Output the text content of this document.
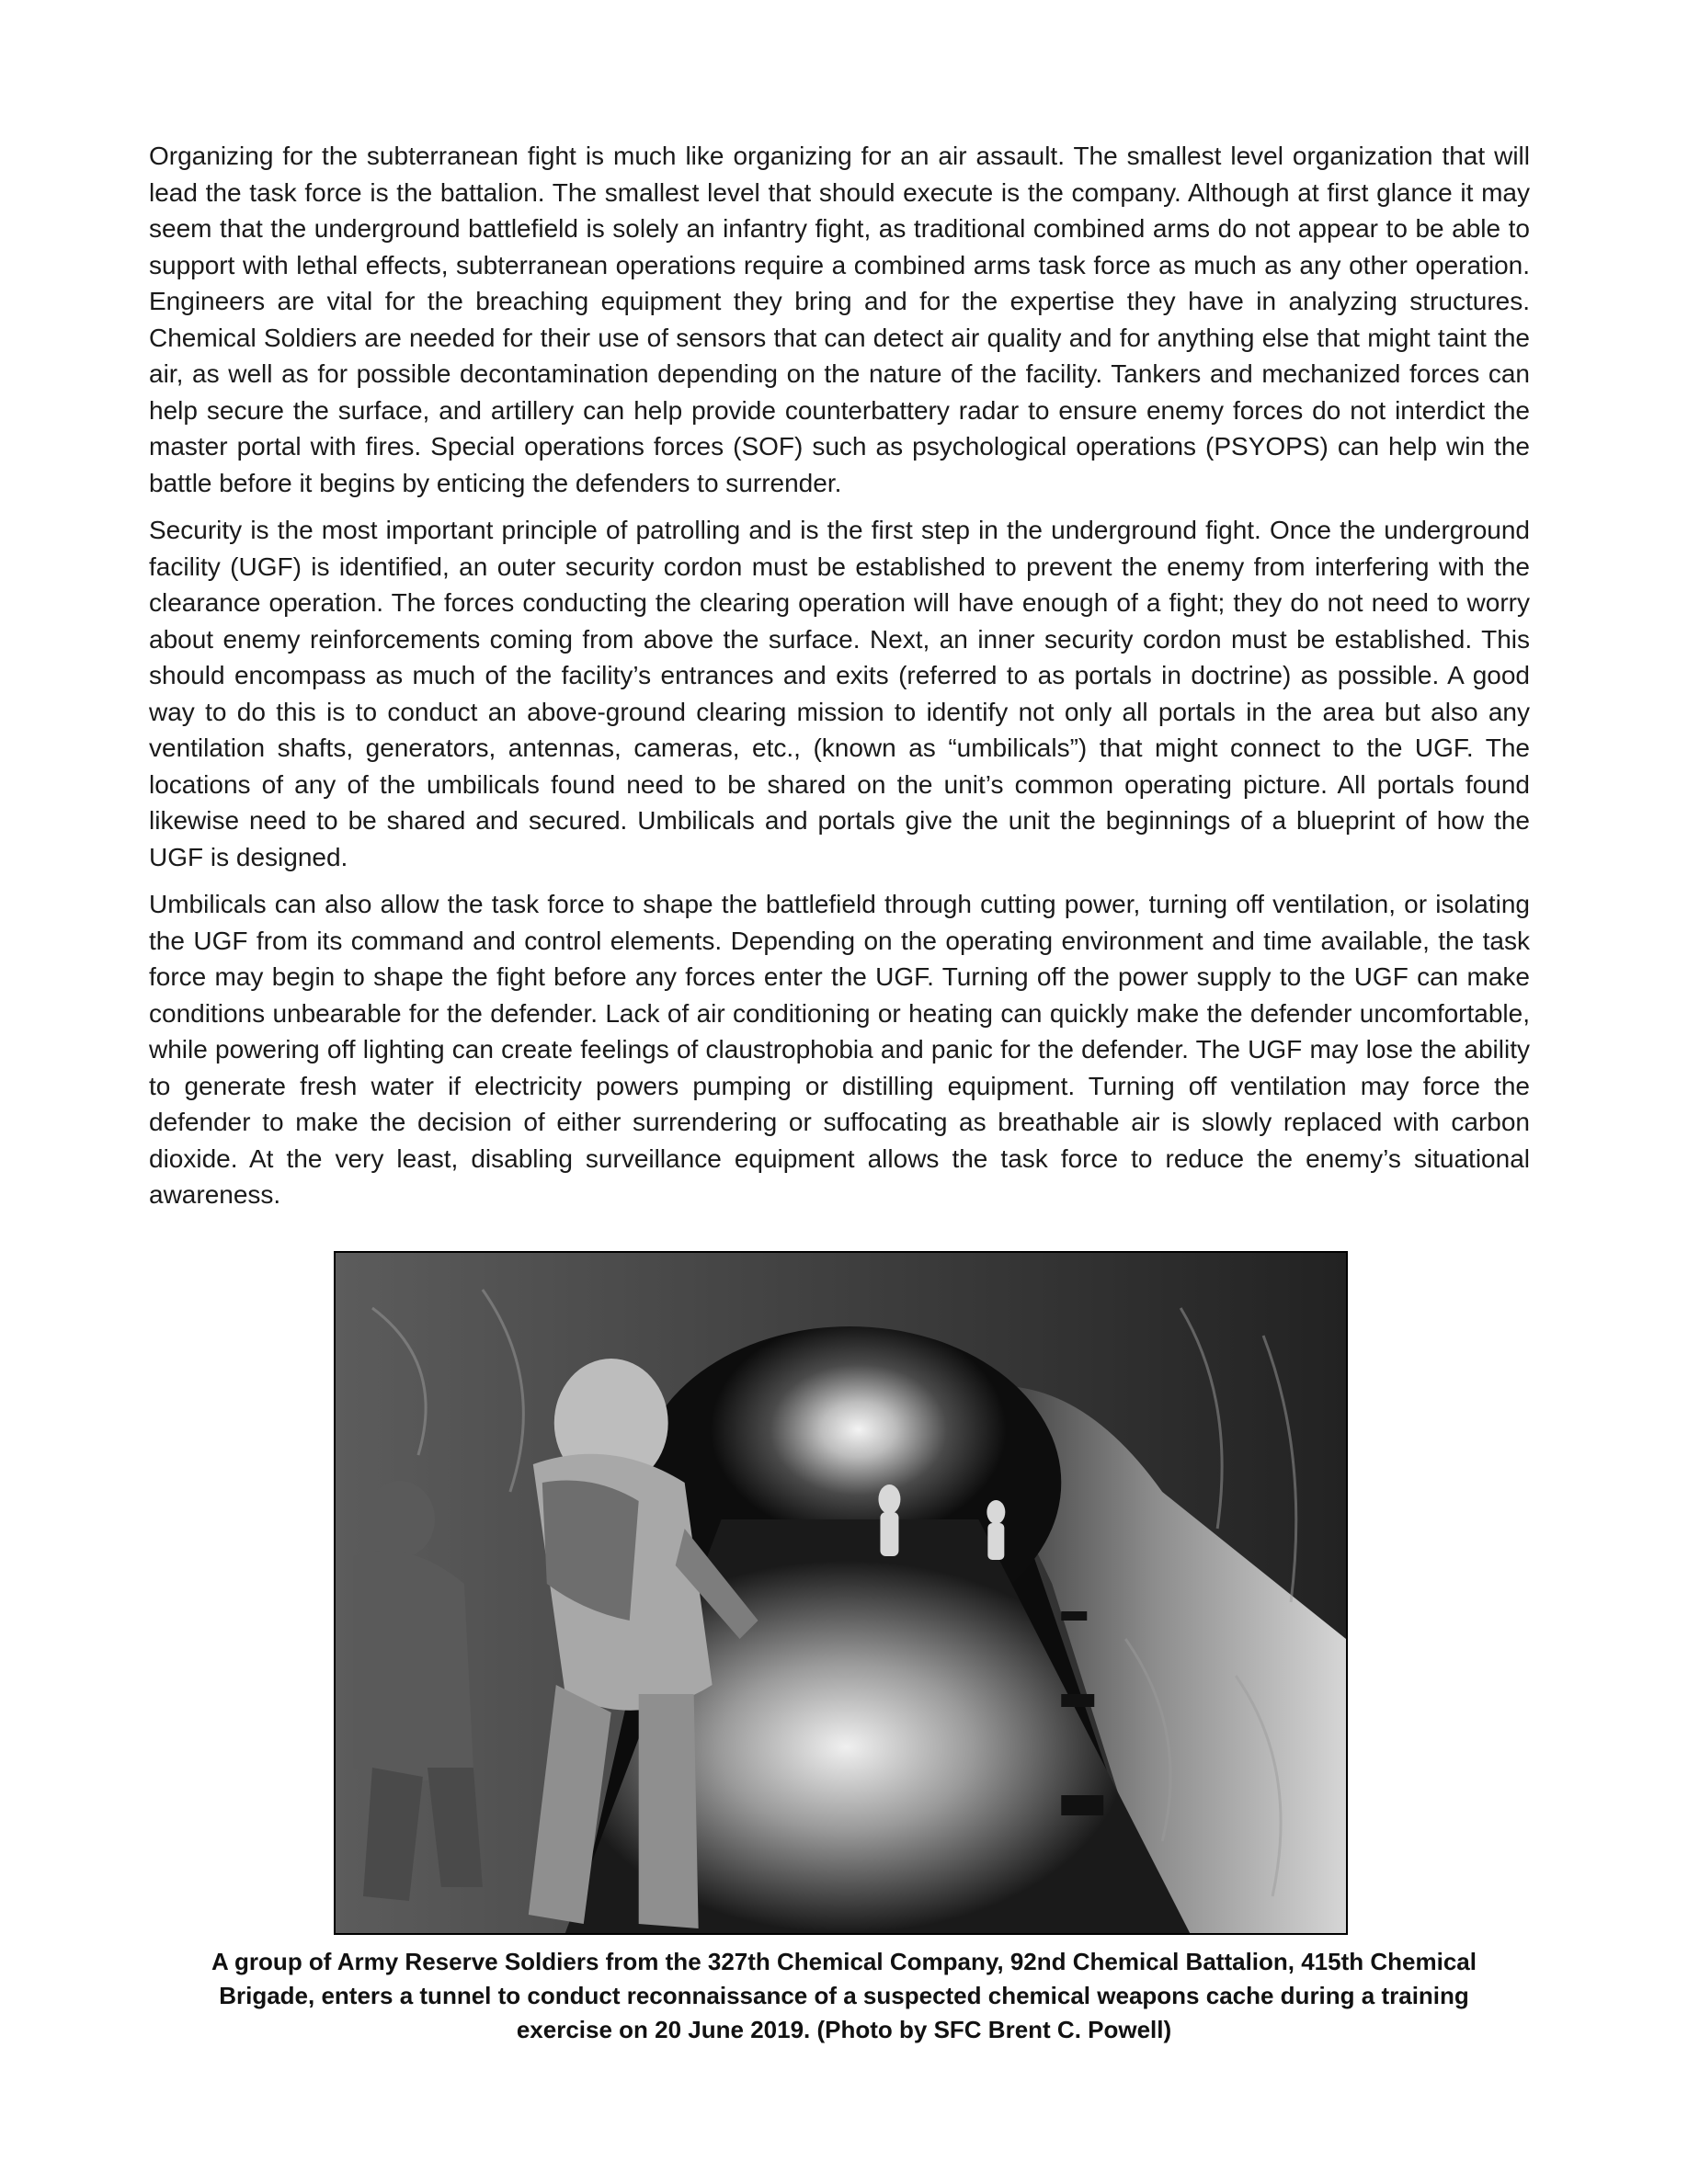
Organizing for the subterranean fight is much like organizing for an air assault. The smallest level organization that will lead the task force is the battalion. The smallest level that should execute is the company. Although at first glance it may seem that the underground battlefield is solely an infantry fight, as traditional combined arms do not appear to be able to support with lethal effects, subterranean operations require a combined arms task force as much as any other operation. Engineers are vital for the breaching equipment they bring and for the expertise they have in analyzing structures. Chemical Soldiers are needed for their use of sensors that can detect air quality and for anything else that might taint the air, as well as for possible decontamination depending on the nature of the facility. Tankers and mechanized forces can help secure the surface, and artillery can help provide counterbattery radar to ensure enemy forces do not interdict the master portal with fires. Special operations forces (SOF) such as psychological operations (PSYOPS) can help win the battle before it begins by enticing the defenders to surrender.

Security is the most important principle of patrolling and is the first step in the underground fight. Once the underground facility (UGF) is identified, an outer security cordon must be established to prevent the enemy from interfering with the clearance operation. The forces conducting the clearing operation will have enough of a fight; they do not need to worry about enemy reinforcements coming from above the surface. Next, an inner security cordon must be established. This should encompass as much of the facility’s entrances and exits (referred to as portals in doctrine) as possible. A good way to do this is to conduct an above-ground clearing mission to identify not only all portals in the area but also any ventilation shafts, generators, antennas, cameras, etc., (known as “umbilicals”) that might connect to the UGF. The locations of any of the umbilicals found need to be shared on the unit’s common operating picture. All portals found likewise need to be shared and secured. Umbilicals and portals give the unit the beginnings of a blueprint of how the UGF is designed.

Umbilicals can also allow the task force to shape the battlefield through cutting power, turning off ventilation, or isolating the UGF from its command and control elements. Depending on the operating environment and time available, the task force may begin to shape the fight before any forces enter the UGF. Turning off the power supply to the UGF can make conditions unbearable for the defender. Lack of air conditioning or heating can quickly make the defender uncomfortable, while powering off lighting can create feelings of claustrophobia and panic for the defender. The UGF may lose the ability to generate fresh water if electricity powers pumping or distilling equipment. Turning off ventilation may force the defender to make the decision of either surrendering or suffocating as breathable air is slowly replaced with carbon dioxide. At the very least, disabling surveillance equipment allows the task force to reduce the enemy’s situational awareness.

A group of Army Reserve Soldiers from the 327th Chemical Company, 92nd Chemical Battalion, 415th Chemical Brigade, enters a tunnel to conduct reconnaissance of a suspected chemical weapons cache during a training exercise on 20 June 2019. (Photo by SFC Brent C. Powell)
